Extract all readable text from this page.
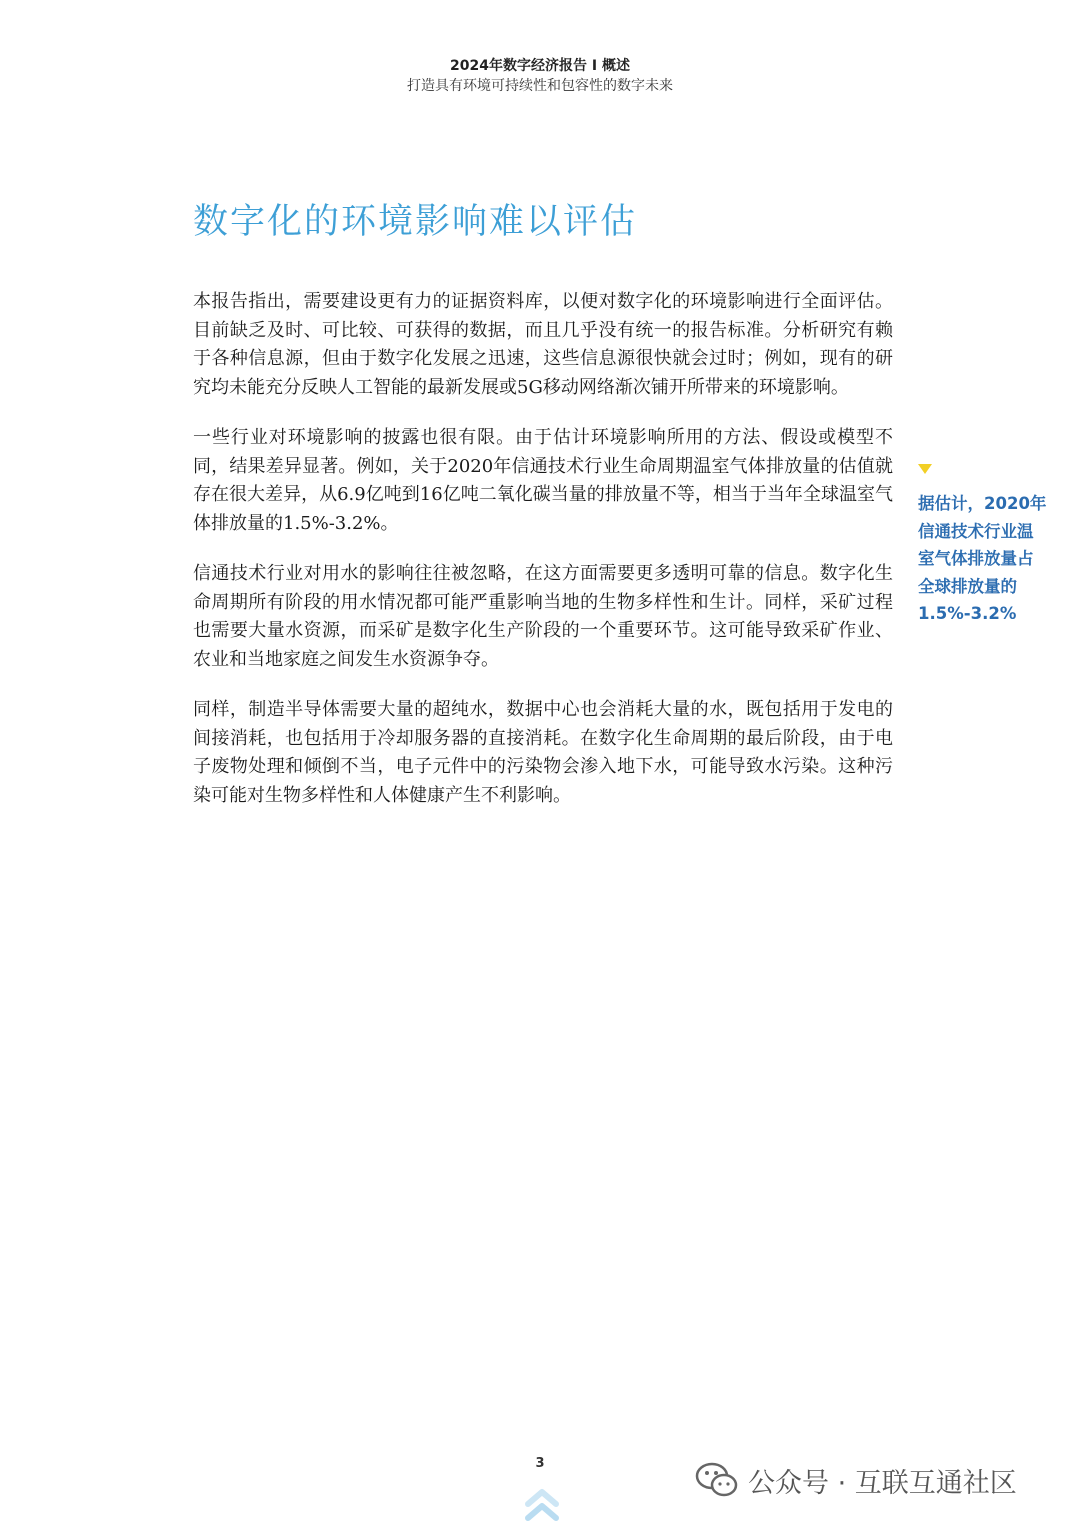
2024年数字经济报告 I 概述
打造具有环境可持续性和包容性的数字未来
数字化的环境影响难以评估

本报告指出，需要建设更有力的证据资料库，以便对数字化的环境影响进行全面评估。目前缺乏及时、可比较、可获得的数据，而且几乎没有统一的报告标准。分析研究有赖于各种信息源，但由于数字化发展之迅速，这些信息源很快就会过时；例如，现有的研究均未能充分反映人工智能的最新发展或5G移动网络渐次铺开所带来的环境影响。

一些行业对环境影响的披露也很有限。由于估计环境影响所用的方法、假设或模型不同，结果差异显著。例如，关于2020年信通技术行业生命周期温室气体排放量的估值就存在很大差异，从6.9亿吨到16亿吨二氧化碳当量的排放量不等，相当于当年全球温室气体排放量的1.5%-3.2%。

信通技术行业对用水的影响往往被忽略，在这方面需要更多透明可靠的信息。数字化生命周期所有阶段的用水情况都可能严重影响当地的生物多样性和生计。同样，采矿过程也需要大量水资源，而采矿是数字化生产阶段的一个重要环节。这可能导致采矿作业、农业和当地家庭之间发生水资源争夺。

同样，制造半导体需要大量的超纯水，数据中心也会消耗大量的水，既包括用于发电的间接消耗，也包括用于冷却服务器的直接消耗。在数字化生命周期的最后阶段，由于电子废物处理和倾倒不当，电子元件中的污染物会渗入地下水，可能导致水污染。这种污染可能对生物多样性和人体健康产生不利影响。

据估计，2020年
信通技术行业温
室气体排放量占
全球排放量的
1.5%-3.2%
3
公众号 · 互联互通社区
